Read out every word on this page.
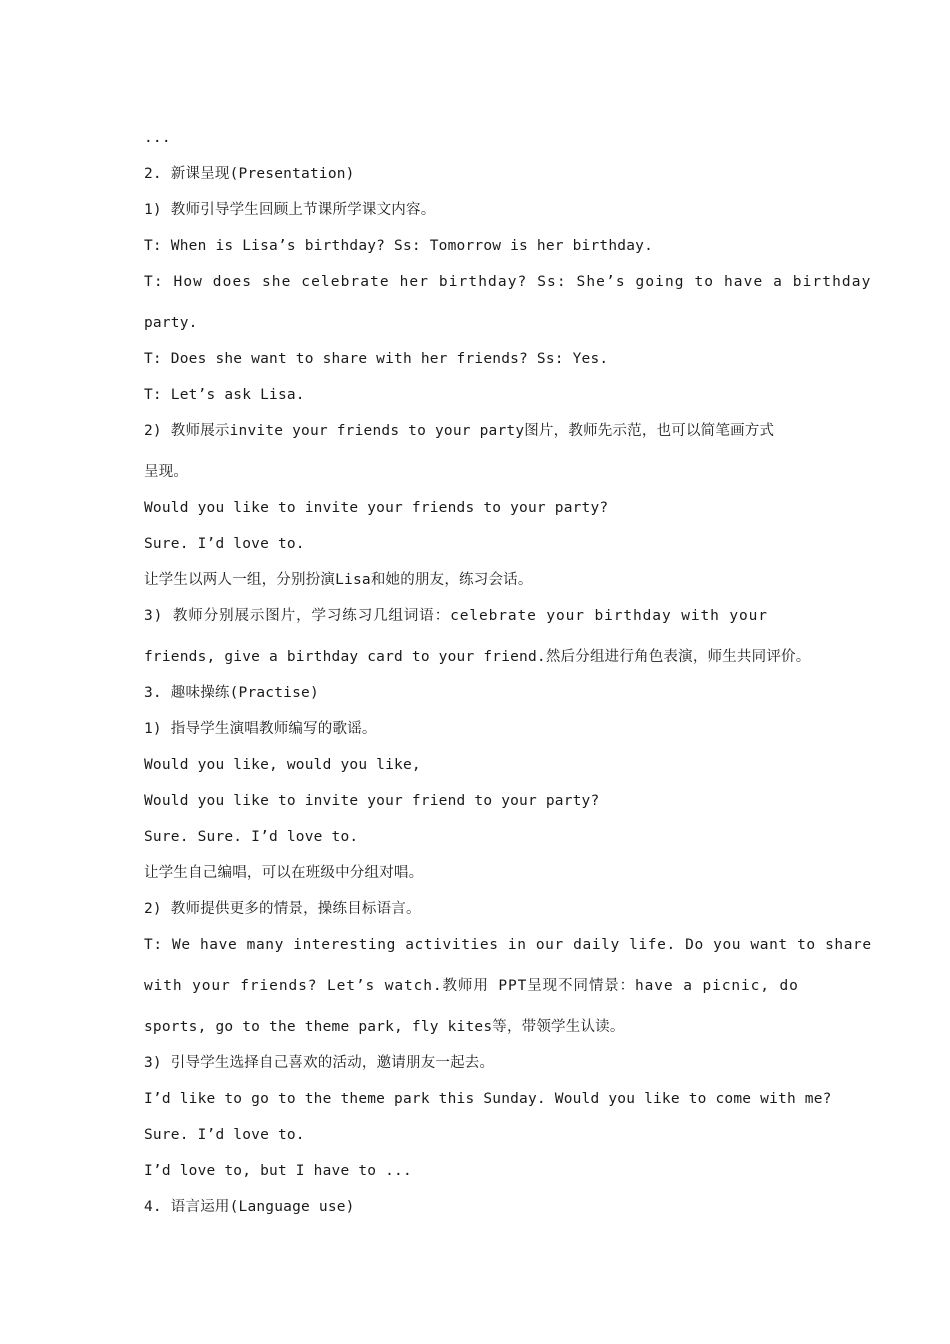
...
2. 新课呈现(Presentation)
1) 教师引导学生回顾上节课所学课文内容。
T: When is Lisa’s birthday? Ss: Tomorrow is her birthday.
T: How does she celebrate her birthday? Ss: She’s going to have a birthday
party.
T: Does she want to share with her friends? Ss: Yes.
T: Let’s ask Lisa.
2) 教师展示invite your friends to your party图片，教师先示范，也可以简笔画方式
呈现。
Would you like to invite your friends to your party?
Sure. I’d love to.
让学生以两人一组，分别扮演Lisa和她的朋友，练习会话。
3) 教师分别展示图片，学习练习几组词语：celebrate your birthday with your
friends, give a birthday card to your friend.然后分组进行角色表演，师生共同评价。
3. 趣味操练(Practise)
1) 指导学生演唱教师编写的歌谣。
Would you like, would you like,
Would you like to invite your friend to your party?
Sure. Sure. I’d love to.
让学生自己编唱，可以在班级中分组对唱。
2) 教师提供更多的情景，操练目标语言。
T: We have many interesting activities in our daily life. Do you want to share
with your friends? Let’s watch.教师用 PPT呈现不同情景：have a picnic, do
sports, go to the theme park, fly kites等，带领学生认读。
3) 引导学生选择自己喜欢的活动，邀请朋友一起去。
I’d like to go to the theme park this Sunday. Would you like to come with me?
Sure. I’d love to.
I’d love to, but I have to ...
4. 语言运用(Language use)
